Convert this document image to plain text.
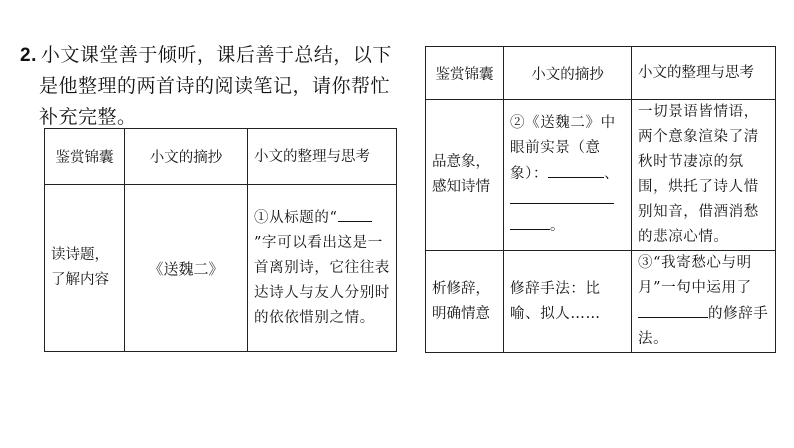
2. 小文课堂善于倾听，课后善于总结，以下
是他整理的两首诗的阅读笔记，请你帮忙
补充完整。
鉴赏锦囊	小文的摘抄	小文的整理与思考

读诗题，
了解内容	《送魏二》	①从标题的“”字可以看出这是一首离别诗，它往往表达诗人与友人分别时的依依惜别之情。
鉴赏锦囊	小文的摘抄	小文的整理与思考

品意象，
感知诗情	②《送魏二》中眼前实景（意象）： 、。	一切景语皆情语，两个意象渲染了清秋时节凄凉的氛围，烘托了诗人惜别知音，借酒消愁的悲凉心情。

析修辞，
明确情意	修辞手法：比喻、拟人……	③“我寄愁心与明月”一句中运用了的修辞手法。
